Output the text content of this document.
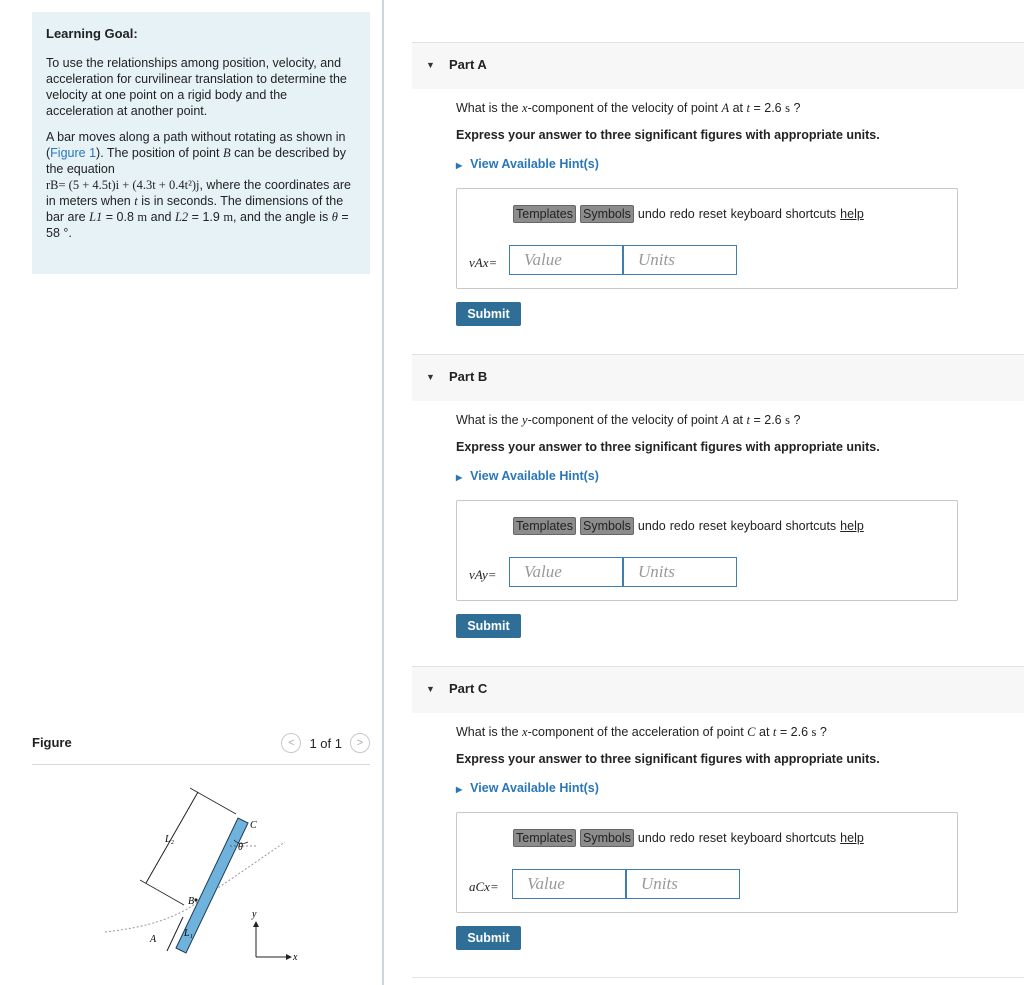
Learning Goal:

To use the relationships among position, velocity, and acceleration for curvilinear translation to determine the velocity at one point on a rigid body and the acceleration at another point.

A bar moves along a path without rotating as shown in (Figure 1). The position of point B can be described by the equation
rB= (5 + 4.5t)i + (4.3t + 0.4t²)j, where the coordinates are in meters when t is in seconds. The dimensions of the bar are L1 = 0.8 m and L2 = 1.9 m, and the angle is θ = 58 °.

Figure	< 1 of 1 >
L₂
C
θ
B
A
L₁
y
x
▼ Part A
What is the x-component of the velocity of point A at t = 2.6 s ?
Express your answer to three significant figures with appropriate units.
▶ View Available Hint(s)
Templates Symbols undo redo reset keyboard shortcuts help
vAx=	Value	Units
Submit
▼ Part B
What is the y-component of the velocity of point A at t = 2.6 s ?
Express your answer to three significant figures with appropriate units.
▶ View Available Hint(s)
Templates Symbols undo redo reset keyboard shortcuts help
vAy=	Value	Units
Submit
▼ Part C
What is the x-component of the acceleration of point C at t = 2.6 s ?
Express your answer to three significant figures with appropriate units.
▶ View Available Hint(s)
Templates Symbols undo redo reset keyboard shortcuts help
aCx=	Value	Units
Submit
